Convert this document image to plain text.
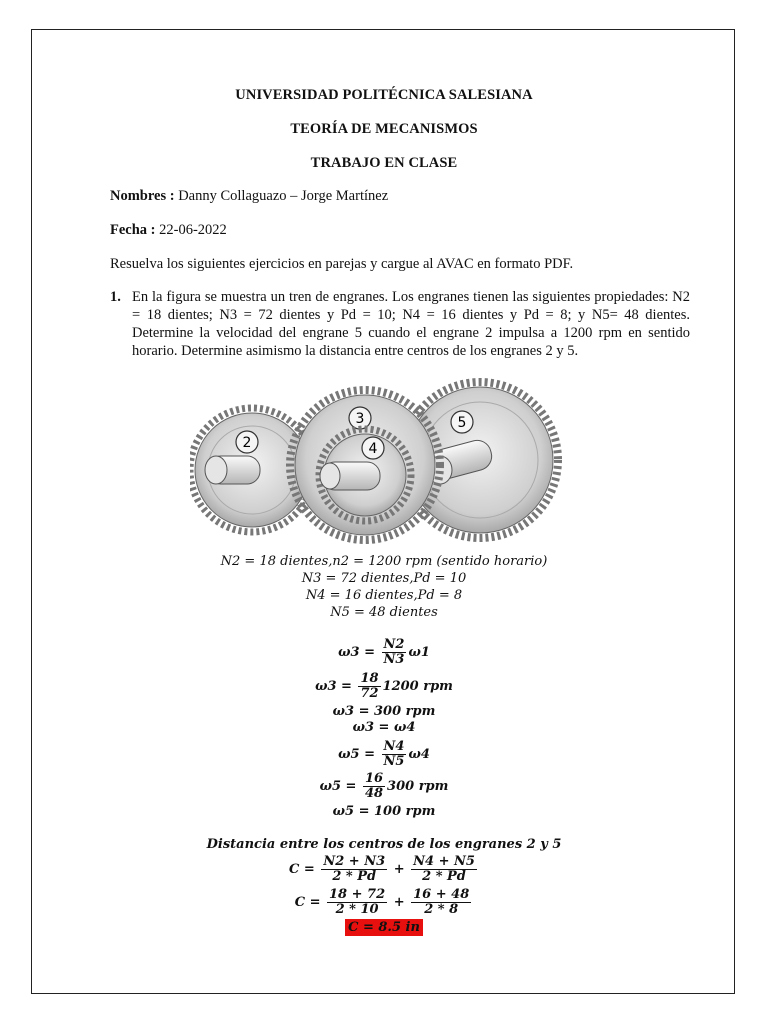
UNIVERSIDAD POLITÉCNICA SALESIANA
TEORÍA DE MECANISMOS
TRABAJO EN CLASE
Nombres : Danny Collaguazo – Jorge Martínez
Fecha : 22-06-2022
Resuelva los siguientes ejercicios en parejas y cargue al AVAC en formato PDF.
1. En la figura se muestra un tren de engranes. Los engranes tienen las siguientes propiedades: N2 = 18 dientes; N3 = 72 dientes y Pd = 10; N4 = 16 dientes y Pd = 8; y N5= 48 dientes. Determine la velocidad del engrane 5 cuando el engrane 2 impulsa a 1200 rpm en sentido horario. Determine asimismo la distancia entre centros de los engranes 2 y 5.
2
5
3
4
N2 = 18 dientes,n2 = 1200 rpm (sentido horario)
N3 = 72 dientes,Pd = 10
N4 = 16 dientes,Pd = 8
N5 = 48 dientes
$\omega 3 = \frac{N2}{N3} \omega 1$
$\omega 3 = \frac{18}{72} 1200$ rpm
ω3 = 300 rpm
ω3 = ω4
$\omega 5 = \frac{N4}{N5} \omega 4$
$\omega 5 = \frac{16}{48} 300$ rpm
ω5 = 100 rpm
Distancia entre los centros de los engranes 2 y 5
$C = \frac{N2 + N3}{2 * Pd} + \frac{N4 + N5}{2 * Pd}$
$C = \frac{18 + 72}{2 * 10} + \frac{16 + 48}{2 * 8}$
C = 8.5 in
